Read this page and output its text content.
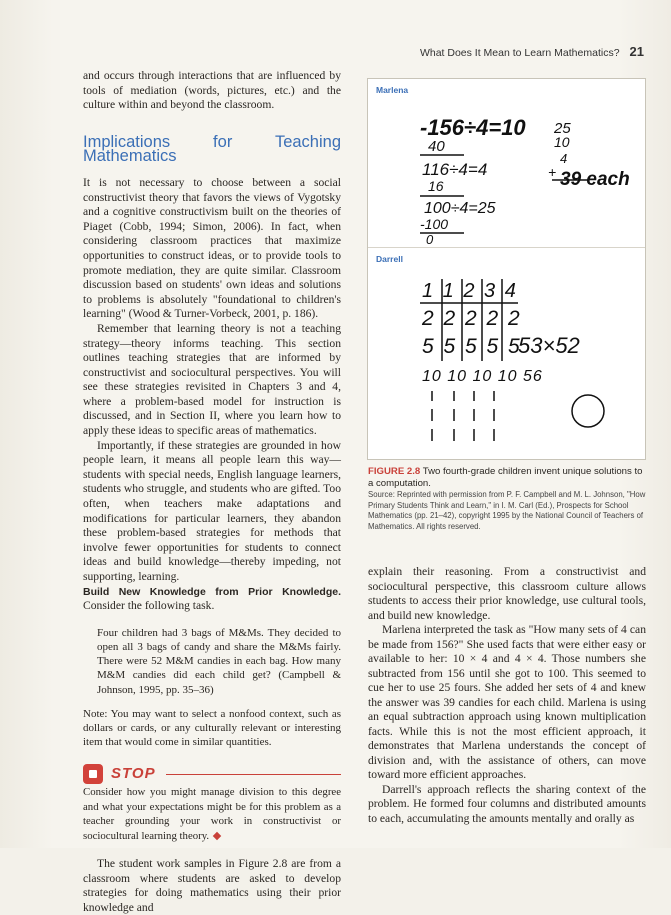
What Does It Mean to Learn Mathematics? 21

and occurs through interactions that are influenced by tools of mediation (words, pictures, etc.) and the culture within and beyond the classroom.

Implications for Teaching Mathematics

It is not necessary to choose between a social constructivist theory that favors the views of Vygotsky and a cognitive constructivism built on the theories of Piaget (Cobb, 1994; Simon, 2006). In fact, when considering classroom practices that maximize opportunities to construct ideas, or to provide tools to promote mediation, they are quite similar. Classroom discussion based on students' own ideas and solutions to problems is absolutely "foundational to children's learning" (Wood & Turner-Vorbeck, 2001, p. 186).

Remember that learning theory is not a teaching strategy—theory informs teaching. This section outlines teaching strategies that are informed by constructivist and sociocultural perspectives. You will see these strategies revisited in Chapters 3 and 4, where a problem-based model for instruction is discussed, and in Section II, where you learn how to apply these ideas to specific areas of mathematics.

Importantly, if these strategies are grounded in how people learn, it means all people learn this way—students with special needs, English language learners, students who struggle, and students who are gifted. Too often, when teachers make adaptations and modifications for particular learners, they abandon these problem-based strategies for methods that involve fewer opportunities for students to connect ideas and build knowledge—thereby impeding, not supporting, learning.

Build New Knowledge from Prior Knowledge. Consider the following task.

Four children had 3 bags of M&Ms. They decided to open all 3 bags of candy and share the M&Ms fairly. There were 52 M&M candies in each bag. How many M&M candies did each child get? (Campbell & Johnson, 1995, pp. 35–36)
Note: You may want to select a nonfood context, such as dollars or cards, or any culturally relevant or interesting item that would come in similar quantities.
STOP

Consider how you might manage division to this degree and what your expectations might be for this problem as a teacher grounding your work in constructivist or sociocultural learning theory.

The student work samples in Figure 2.8 are from a classroom where students are asked to develop strategies for doing mathematics using their prior knowledge and

Marlena
-156÷4=10
40
116÷4=4
16
100÷4=25
-100
0
25
10
4
+ 39 each
Darrell
1 1 2 3 4
2 2 2 2 2
5 5 5 5 5
53×52
10 10 10 10 56
FIGURE 2.8 Two fourth-grade children invent unique solutions to a computation.
Source: Reprinted with permission from P. F. Campbell and M. L. Johnson, "How Primary Students Think and Learn," in I. M. Carl (Ed.), Prospects for School Mathematics (pp. 21–42), copyright 1995 by the National Council of Teachers of Mathematics. All rights reserved.

explain their reasoning. From a constructivist and sociocultural perspective, this classroom culture allows students to access their prior knowledge, use cultural tools, and build new knowledge.

Marlena interpreted the task as "How many sets of 4 can be made from 156?" She used facts that were either easy or available to her: 10 × 4 and 4 × 4. Those numbers she subtracted from 156 until she got to 100. This seemed to cue her to use 25 fours. She added her sets of 4 and knew the answer was 39 candies for each child. Marlena is using an equal subtraction approach using known multiplication facts. While this is not the most efficient approach, it demonstrates that Marlena understands the concept of division and, with the assistance of others, can move toward more efficient approaches.

Darrell's approach reflects the sharing context of the problem. He formed four columns and distributed amounts to each, accumulating the amounts mentally and orally as
